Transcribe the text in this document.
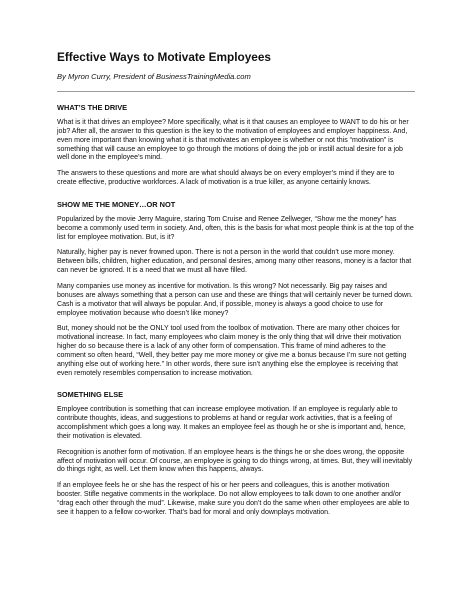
Effective Ways to Motivate Employees

By Myron Curry, President of BusinessTrainingMedia.com

WHAT’S THE DRIVE

What is it that drives an employee? More specifically, what is it that causes an employee to WANT to do his or her job? After all, the answer to this question is the key to the motivation of employees and employer happiness. And, even more important than knowing what it is that motivates an employee is whether or not this “motivation” is something that will cause an employee to go through the motions of doing the job or instill actual desire for a job well done in the employee’s mind.

The answers to these questions and more are what should always be on every employer’s mind if they are to create effective, productive workforces. A lack of motivation is a true killer, as anyone certainly knows.

SHOW ME THE MONEY…OR NOT

Popularized by the movie Jerry Maguire, staring Tom Cruise and Renee Zellweger, “Show me the money” has become a commonly used term in society. And, often, this is the basis for what most people think is at the top of the list for employee motivation. But, is it?

Naturally, higher pay is never frowned upon. There is not a person in the world that couldn’t use more money. Between bills, children, higher education, and personal desires, among many other reasons, money is a factor that can never be ignored. It is a need that we must all have filled.

Many companies use money as incentive for motivation. Is this wrong? Not necessarily. Big pay raises and bonuses are always something that a person can use and these are things that will certainly never be turned down. Cash is a motivator that will always be popular. And, if possible, money is always a good choice to use for employee motivation because who doesn’t like money?

But, money should not be the ONLY tool used from the toolbox of motivation. There are many other choices for motivational increase. In fact, many employees who claim money is the only thing that will drive their motivation higher do so because there is a lack of any other form of compensation. This frame of mind adheres to the comment so often heard, “Well, they better pay me more money or give me a bonus because I’m sure not getting anything else out of working here.” In other words, there sure isn’t anything else the employee is receiving that even remotely resembles compensation to increase motivation.

SOMETHING ELSE

Employee contribution is something that can increase employee motivation. If an employee is regularly able to contribute thoughts, ideas, and suggestions to problems at hand or regular work activities, that is a feeling of accomplishment which goes a long way. It makes an employee feel as though he or she is important and, hence, their motivation is elevated.

Recognition is another form of motivation. If an employee hears is the things he or she does wrong, the opposite affect of motivation will occur. Of course, an employee is going to do things wrong, at times. But, they will inevitably do things right, as well. Let them know when this happens, always.

If an employee feels he or she has the respect of his or her peers and colleagues, this is another motivation booster. Stifle negative comments in the workplace. Do not allow employees to talk down to one another and/or “drag each other through the mud”. Likewise, make sure you don’t do the same when other employees are able to see it happen to a fellow co-worker. That’s bad for moral and only downplays motivation.
